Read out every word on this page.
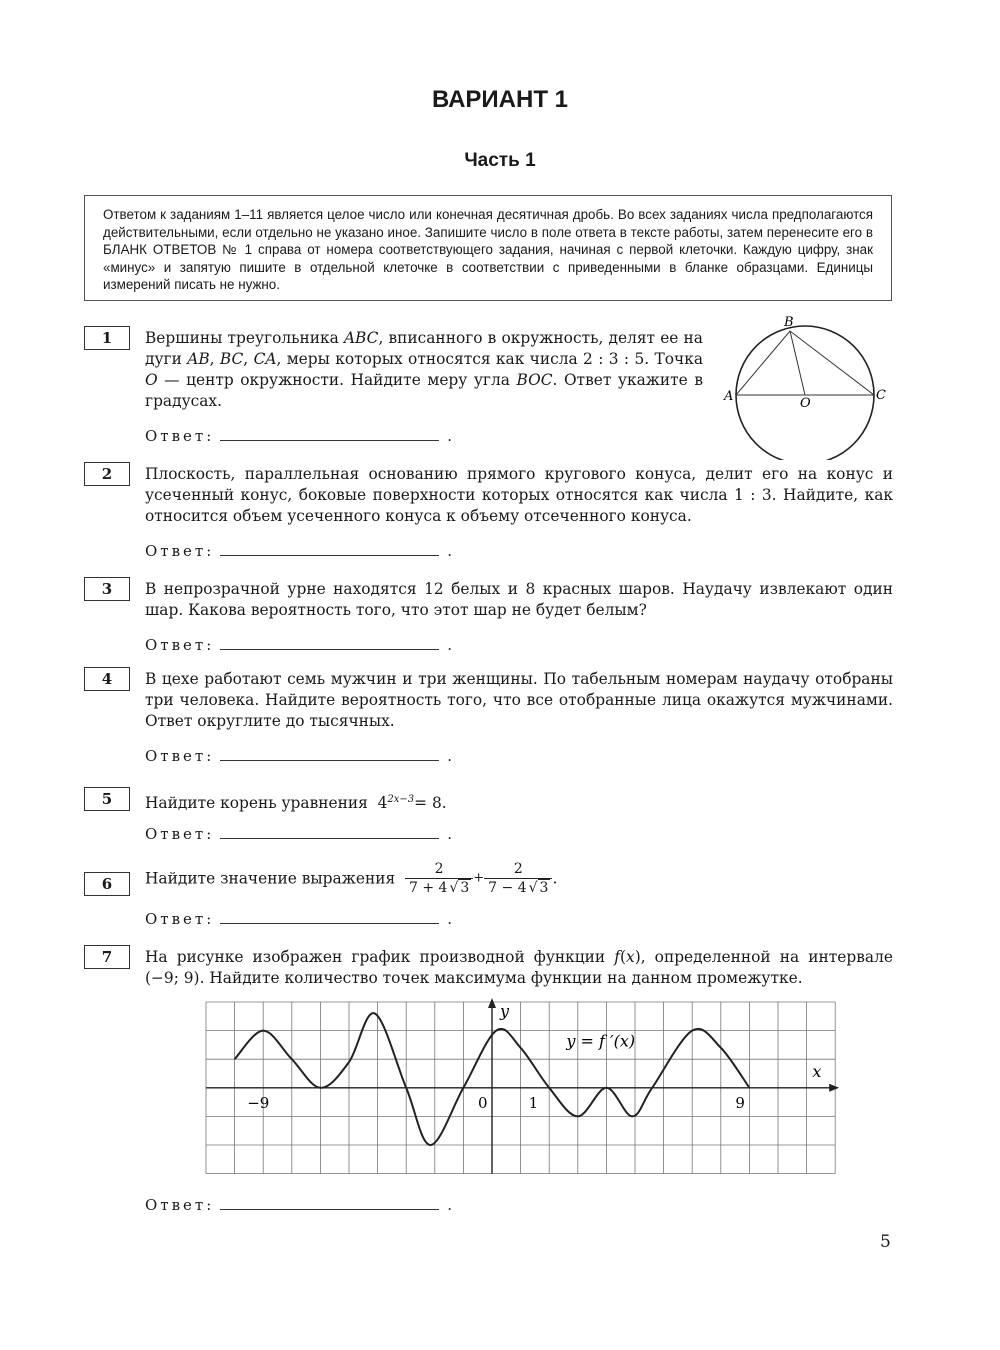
ВАРИАНТ 1
Часть 1
Ответом к заданиям 1–11 является целое число или конечная десятичная дробь. Во всех заданиях числа предполагаются действительными, если отдельно не указано иное. Запишите число в поле ответа в тексте работы, затем перенесите его в БЛАНК ОТВЕТОВ № 1 справа от номера соответствующего задания, начиная с первой клеточки. Каждую цифру, знак «минус» и запятую пишите в отдельной клеточке в соответствии с приведенными в бланке образцами. Единицы измерений писать не нужно.
1	Вершины треугольника ABC, вписанного в окружность, делят ее на дуги AB, BC, CA, меры которых относятся как числа 2 : 3 : 5. Точка O — центр окружности. Найдите меру угла BOC. Ответ укажите в градусах.	A
B
C
O
Ответ:	.
2	Плоскость, параллельная основанию прямого кругового конуса, делит его на конус и усеченный конус, боковые поверхности которых относятся как числа 1 : 3. Найдите, как относится объем усеченного конуса к объему отсеченного конуса.
Ответ:	.
3	В непрозрачной урне находятся 12 белых и 8 красных шаров. Наудачу извлекают один шар. Какова вероятность того, что этот шар не будет белым?
Ответ:	.
4	В цехе работают семь мужчин и три женщины. По табельным номерам наудачу отобраны три человека. Найдите вероятность того, что все отобранные лица окажутся мужчинами. Ответ округлите до тысячных.
Ответ:	.
5	Найдите корень уравнения $4^{2x-3}= 8$.
Ответ:	.
6	Найдите значение выражения $\frac{2}{7 + 4 √ 3} + \frac{2}{7 - 4 √ 3}$ .
Ответ:	.
7	На рисунке изображен график производной функции f(x), определенной на интервале (−9; 9). Найдите количество точек максимума функции на данном промежутке.
−9	0	1	9
x
y
y = f ′(x)
Ответ:	.
5
